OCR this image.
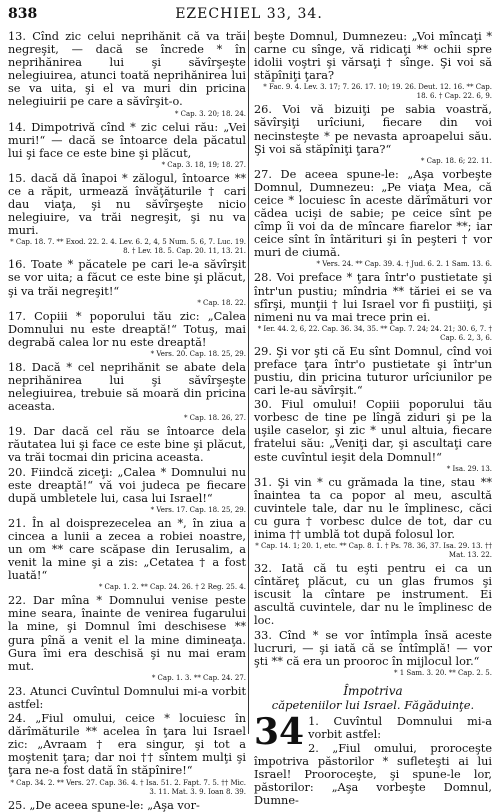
838	EZECHIEL 33, 34.

13. Cînd zic celui neprihănit că va trăi negreşit, — dacă se încrede * în neprihănirea lui şi săvîrşeşte nelegiuirea, atunci toată neprihănirea lui se va uita, şi el va muri din pricina nelegiuirii pe care a săvîrşit-o.

* Cap. 3. 20; 18. 24.

14. Dimpotrivă cînd * zic celui rău: „Vei muri!“ — dacă se întoarce dela păcatul lui şi face ce este bine şi plăcut,

* Cap. 3. 18, 19; 18. 27.

15. dacă dă înapoi * zălogul, întoarce ** ce a răpit, urmează învăţăturile † cari dau viaţa, şi nu săvîrşeşte nicio nelegiuire, va trăi negreşit, şi nu va muri.

* Cap. 18. 7. ** Exod. 22. 2. 4. Lev. 6. 2, 4, 5 Num. 5. 6, 7. Luc. 19. 8. † Lev. 18. 5. Cap. 20. 11, 13. 21.

16. Toate * păcatele pe cari le-a săvîrşit se vor uita; a făcut ce este bine şi plăcut, şi va trăi negreşit!“

* Cap. 18. 22.

17. Copiii * poporului tău zic: „Calea Domnului nu este dreaptă!“ Totuş, mai degrabă calea lor nu este dreaptă!

* Vers. 20. Cap. 18. 25, 29.

18. Dacă * cel neprihănit se abate dela neprihănirea lui şi săvîrşeşte nelegiuirea, trebuie să moară din pricina aceasta.

* Cap. 18. 26, 27.

19. Dar dacă cel rău se întoarce dela răutatea lui şi face ce este bine şi plăcut, va trăi tocmai din pricina aceasta.

20. Fiindcă ziceţi: „Calea * Domnului nu este dreaptă!“ vă voi judeca pe fiecare după umbletele lui, casa lui Israel!“

* Vers. 17. Cap. 18. 25, 29.

21. În al doisprezecelea an *, în ziua a cincea a lunii a zecea a robiei noastre, un om ** care scăpase din Ierusalim, a venit la mine şi a zis: „Cetatea † a fost luată!“

* Cap. 1. 2. ** Cap. 24. 26. † 2 Reg. 25. 4.

22. Dar mîna * Domnului venise peste mine seara, înainte de venirea fugarului la mine, şi Domnul îmi deschisese ** gura pînă a venit el la mine dimineaţa. Gura îmi era deschisă şi nu mai eram mut.

* Cap. 1. 3. ** Cap. 24. 27.

23. Atunci Cuvîntul Domnului mi-a vorbit astfel:

24. „Fiul omului, ceice * locuiesc în dărîmăturile ** acelea în ţara lui Israel zic: „Avraam † era singur, şi tot a moştenit ţara; dar noi †† sîntem mulţi şi ţara ne-a fost dată în stăpînire!“

* Cap. 34. 2. ** Vers. 27. Cap. 36. 4. † Isa. 51. 2. Fapt. 7. 5. †† Mic. 3. 11. Mat. 3. 9. Ioan 8. 39.

25. „De aceea spune-le: „Aşa vor-

beşte Domnul, Dumnezeu: „Voi mîncaţi * carne cu sînge, vă ridicaţi ** ochii spre idolii voştri şi vărsaţi † sînge. Şi voi să stăpîniţi ţara?

* Fac. 9. 4. Lev. 3. 17; 7. 26. 17. 10; 19. 26. Deut. 12. 16. ** Cap. 18. 6. † Cap. 22. 6, 9.

26. Voi vă bizuiţi pe sabia voastră, săvîrşiţi urîciuni, fiecare din voi necinsteşte * pe nevasta aproapelui său. Şi voi să stăpîniţi ţara?“

* Cap. 18. 6; 22. 11.

27. De aceea spune-le: „Aşa vorbeşte Domnul, Dumnezeu: „Pe viaţa Mea, că ceice * locuiesc în aceste dărîmături vor cădea ucişi de sabie; pe ceice sînt pe cîmp îi voi da de mîncare fiarelor **; iar ceice sînt în întărituri şi în peşteri † vor muri de ciumă.

* Vers. 24. ** Cap. 39. 4. † Jud. 6. 2. 1 Sam. 13. 6.

28. Voi preface * ţara într'o pustietate şi într'un pustiu; mîndria ** tăriei ei se va sfîrşi, munţii † lui Israel vor fi pustiiţi, şi nimeni nu va mai trece prin ei.

* Ier. 44. 2, 6, 22. Cap. 36. 34, 35. ** Cap. 7. 24; 24. 21; 30. 6, 7. † Cap. 6. 2, 3, 6.

29. Şi vor şti că Eu sînt Domnul, cînd voi preface ţara într'o pustietate şi într'un pustiu, din pricina tuturor urîciunilor pe cari le-au săvîrşit.“

30. Fiul omului! Copiii poporului tău vorbesc de tine pe lîngă ziduri şi pe la uşile caselor, şi zic * unul altuia, fiecare fratelui său: „Veniţi dar, şi ascultaţi care este cuvîntul ieşit dela Domnul!“

* Isa. 29. 13.

31. Şi vin * cu grămada la tine, stau ** înaintea ta ca popor al meu, ascultă cuvintele tale, dar nu le împlinesc, căci cu gura † vorbesc dulce de tot, dar cu inima †† umblă tot după folosul lor.

* Cap. 14. 1; 20. 1, etc. ** Cap. 8. 1. † Ps. 78. 36, 37. Isa. 29. 13. †† Mat. 13. 22.

32. Iată că tu eşti pentru ei ca un cîntăreţ plăcut, cu un glas frumos şi iscusit la cîntare pe instrument. Ei ascultă cuvintele, dar nu le împlinesc de loc.

33. Cînd * se vor întîmpla însă aceste lucruri, — şi iată că se întîmplă! — vor şti ** că era un prooroc în mijlocul lor.“

* 1 Sam. 3. 20. ** Cap. 2. 5.
Împotriva
căpeteniilor lui Israel. Făgăduinţe.
34 1. Cuvîntul Domnului mi-a vorbit astfel:

2. „Fiul omului, proroceşte împotriva păstorilor * sufleteşti ai lui Israel! Prooroceşte, şi spune-le lor, păstorilor: „Aşa vorbeşte Domnul, Dumne-
